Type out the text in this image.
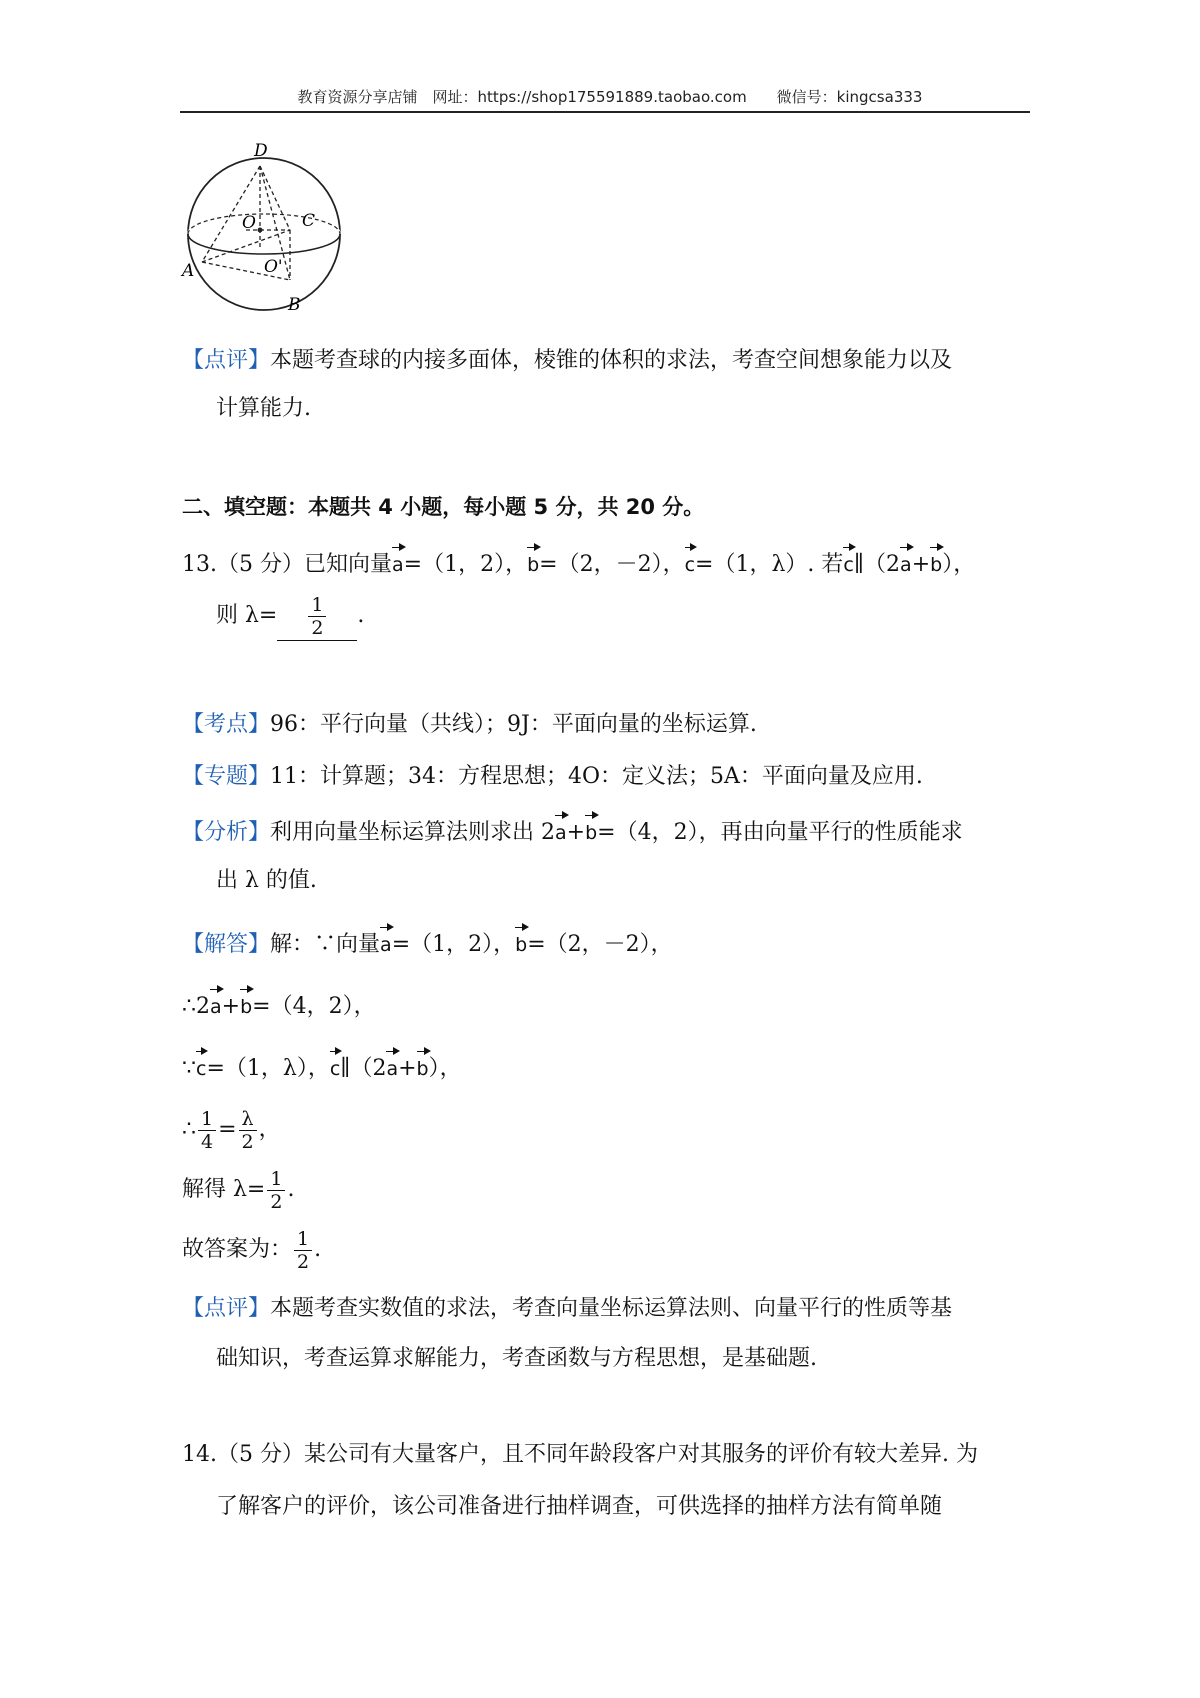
教育资源分享店铺　网址：https://shop175591889.taobao.com　　微信号：kingcsa333
D
O	C
A	O'
B
【点评】本题考查球的内接多面体，棱锥的体积的求法，考查空间想象能力以及
计算能力.
二、填空题：本题共 4 小题，每小题 5 分，共 20 分。
13.（5 分）已知向量a=（1，2），b=（2，－2），c=（1，λ）. 若c∥（2a+b），
则 $\lambda= \frac{1}{2}$ .
【考点】96：平行向量（共线）；9J：平面向量的坐标运算.
【专题】11：计算题；34：方程思想；4O：定义法；5A：平面向量及应用.
【分析】利用向量坐标运算法则求出 2a+b=（4，2），再由向量平行的性质能求
出 λ 的值.
【解答】解：∵向量a=（1，2），b=（2，－2），
∴2a+b=（4，2），
∵c=（1，λ），c∥（2a+b），
∴ $\frac{1}{4} = \frac{\lambda}{2}$ ，
解得 $\lambda= \frac{1}{2}$ .
故答案为： $\frac{1}{2}$ .
【点评】本题考查实数值的求法，考查向量坐标运算法则、向量平行的性质等基
础知识，考查运算求解能力，考查函数与方程思想，是基础题.
14.（5 分）某公司有大量客户，且不同年龄段客户对其服务的评价有较大差异. 为
了解客户的评价，该公司准备进行抽样调查，可供选择的抽样方法有简单随
